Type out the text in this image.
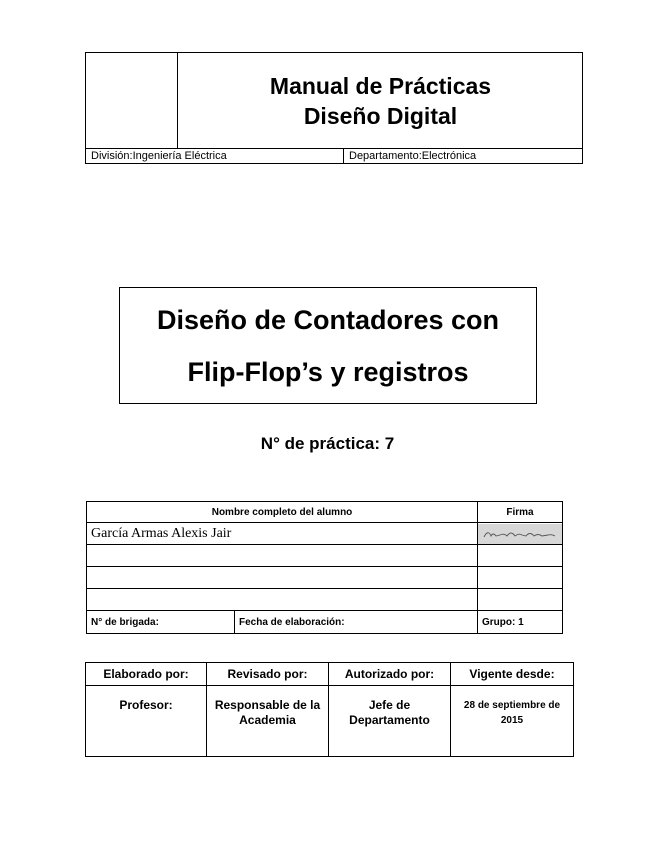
Manual de Prácticas
Diseño Digital
División:Ingeniería Eléctrica	Departamento:Electrónica
Diseño de Contadores con
Flip-Flop’s y registros
N° de práctica: 7
Nombre completo del alumno		Firma
García Armas Alexis Jair	

N° de brigada:	Fecha de elaboración:	Grupo: 1
Elaborado por:	Revisado por:	Autorizado por:	Vigente desde:
Profesor:	Responsable de la Academia	Jefe de Departamento	28 de septiembre de 2015
